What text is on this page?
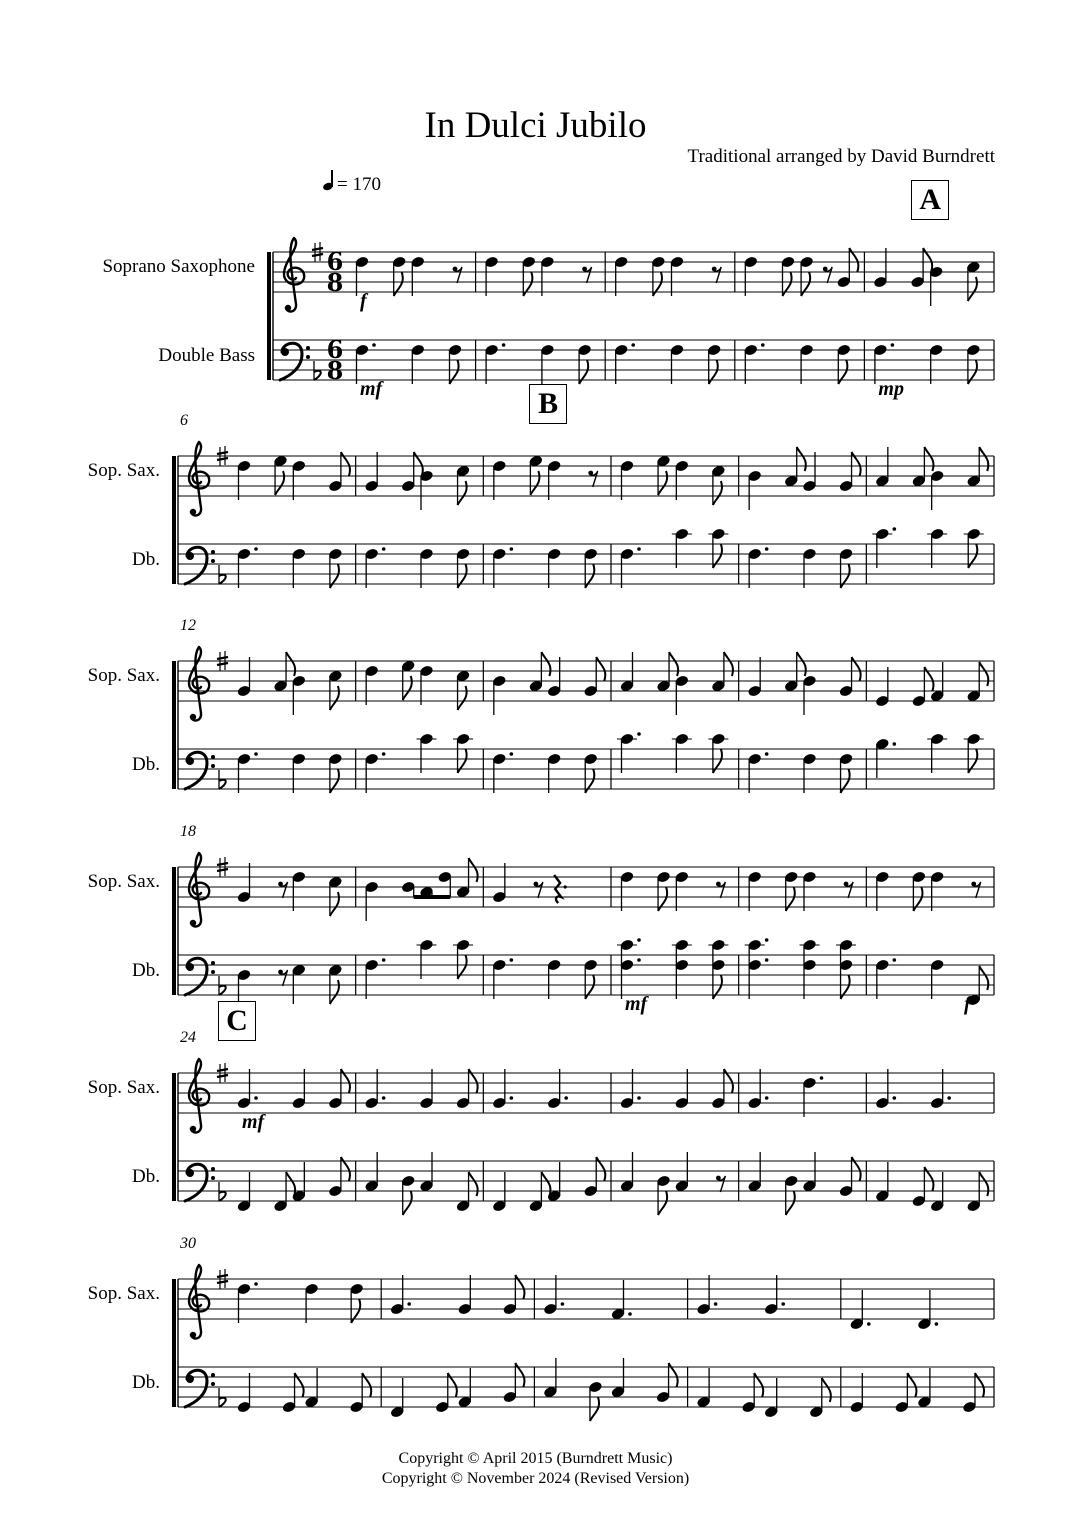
In Dulci Jubilo
Traditional arranged by David Burndrett
= 170
6
8
6
8
Soprano Saxophone
Double Bass
A
f
mf	mp
Sop. Sax.
Db.
6
B
Sop. Sax.
Db.
12
Sop. Sax.
Db.
18
mf	f
Sop. Sax.
Db.
24
C
mf
Sop. Sax.
Db.
30
Copyright © April 2015 (Burndrett Music)
Copyright © November 2024 (Revised Version)
